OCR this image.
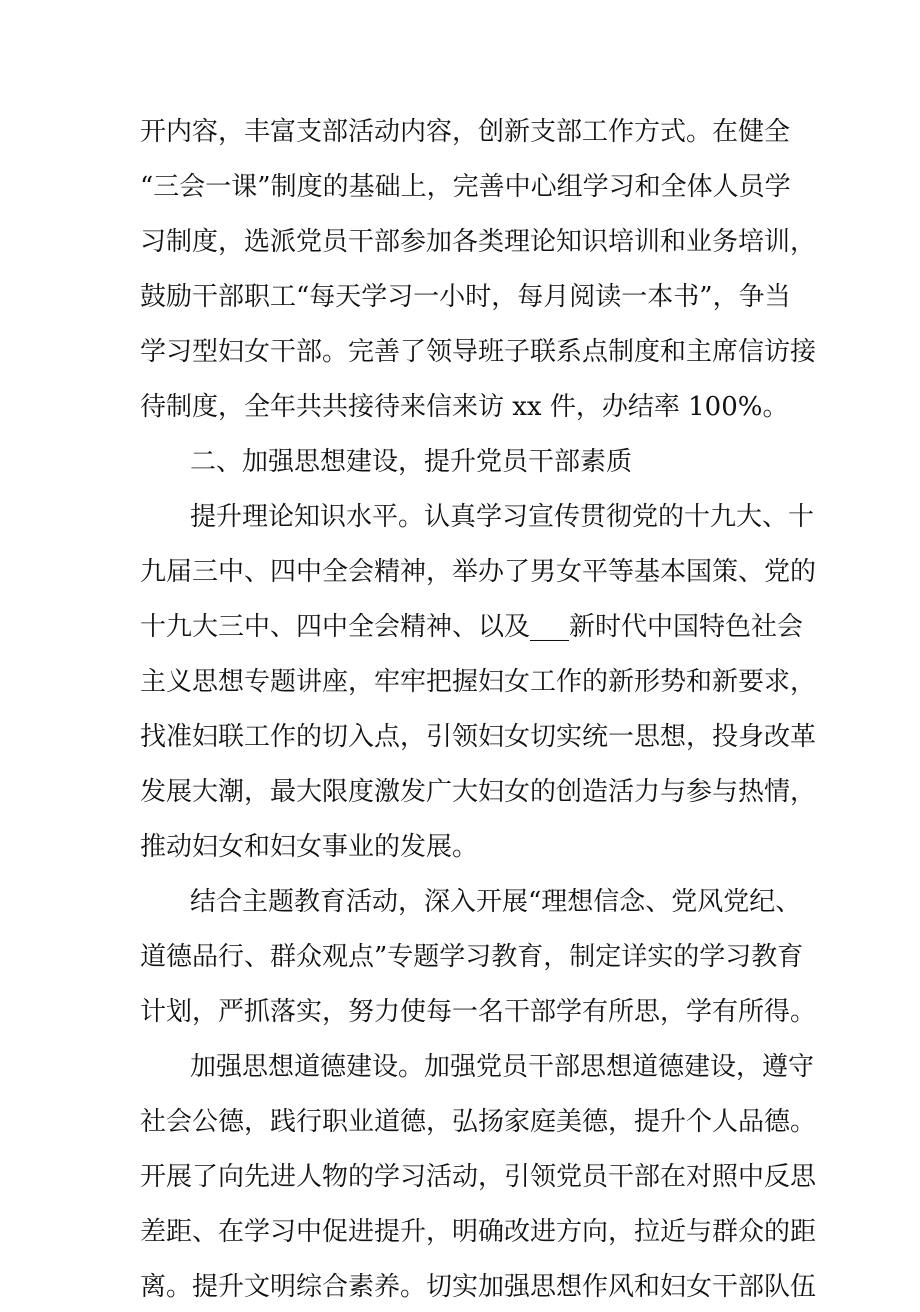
开内容，丰富支部活动内容，创新支部工作方式。在健全
“三会一课”制度的基础上，完善中心组学习和全体人员学
习制度，选派党员干部参加各类理论知识培训和业务培训，
鼓励干部职工“每天学习一小时，每月阅读一本书”，争当
学习型妇女干部。完善了领导班子联系点制度和主席信访接
待制度，全年共共接待来信来访 xx 件，办结率 100%。
二、加强思想建设，提升党员干部素质
提升理论知识水平。认真学习宣传贯彻党的十九大、十
九届三中、四中全会精神，举办了男女平等基本国策、党的
十九大三中、四中全会精神、以及___新时代中国特色社会
主义思想专题讲座，牢牢把握妇女工作的新形势和新要求，
找准妇联工作的切入点，引领妇女切实统一思想，投身改革
发展大潮，最大限度激发广大妇女的创造活力与参与热情，
推动妇女和妇女事业的发展。
结合主题教育活动，深入开展“理想信念、党风党纪、
道德品行、群众观点”专题学习教育，制定详实的学习教育
计划，严抓落实，努力使每一名干部学有所思，学有所得。
加强思想道德建设。加强党员干部思想道德建设，遵守
社会公德，践行职业道德，弘扬家庭美德，提升个人品德。
开展了向先进人物的学习活动，引领党员干部在对照中反思
差距、在学习中促进提升，明确改进方向，拉近与群众的距
离。提升文明综合素养。切实加强思想作风和妇女干部队伍
